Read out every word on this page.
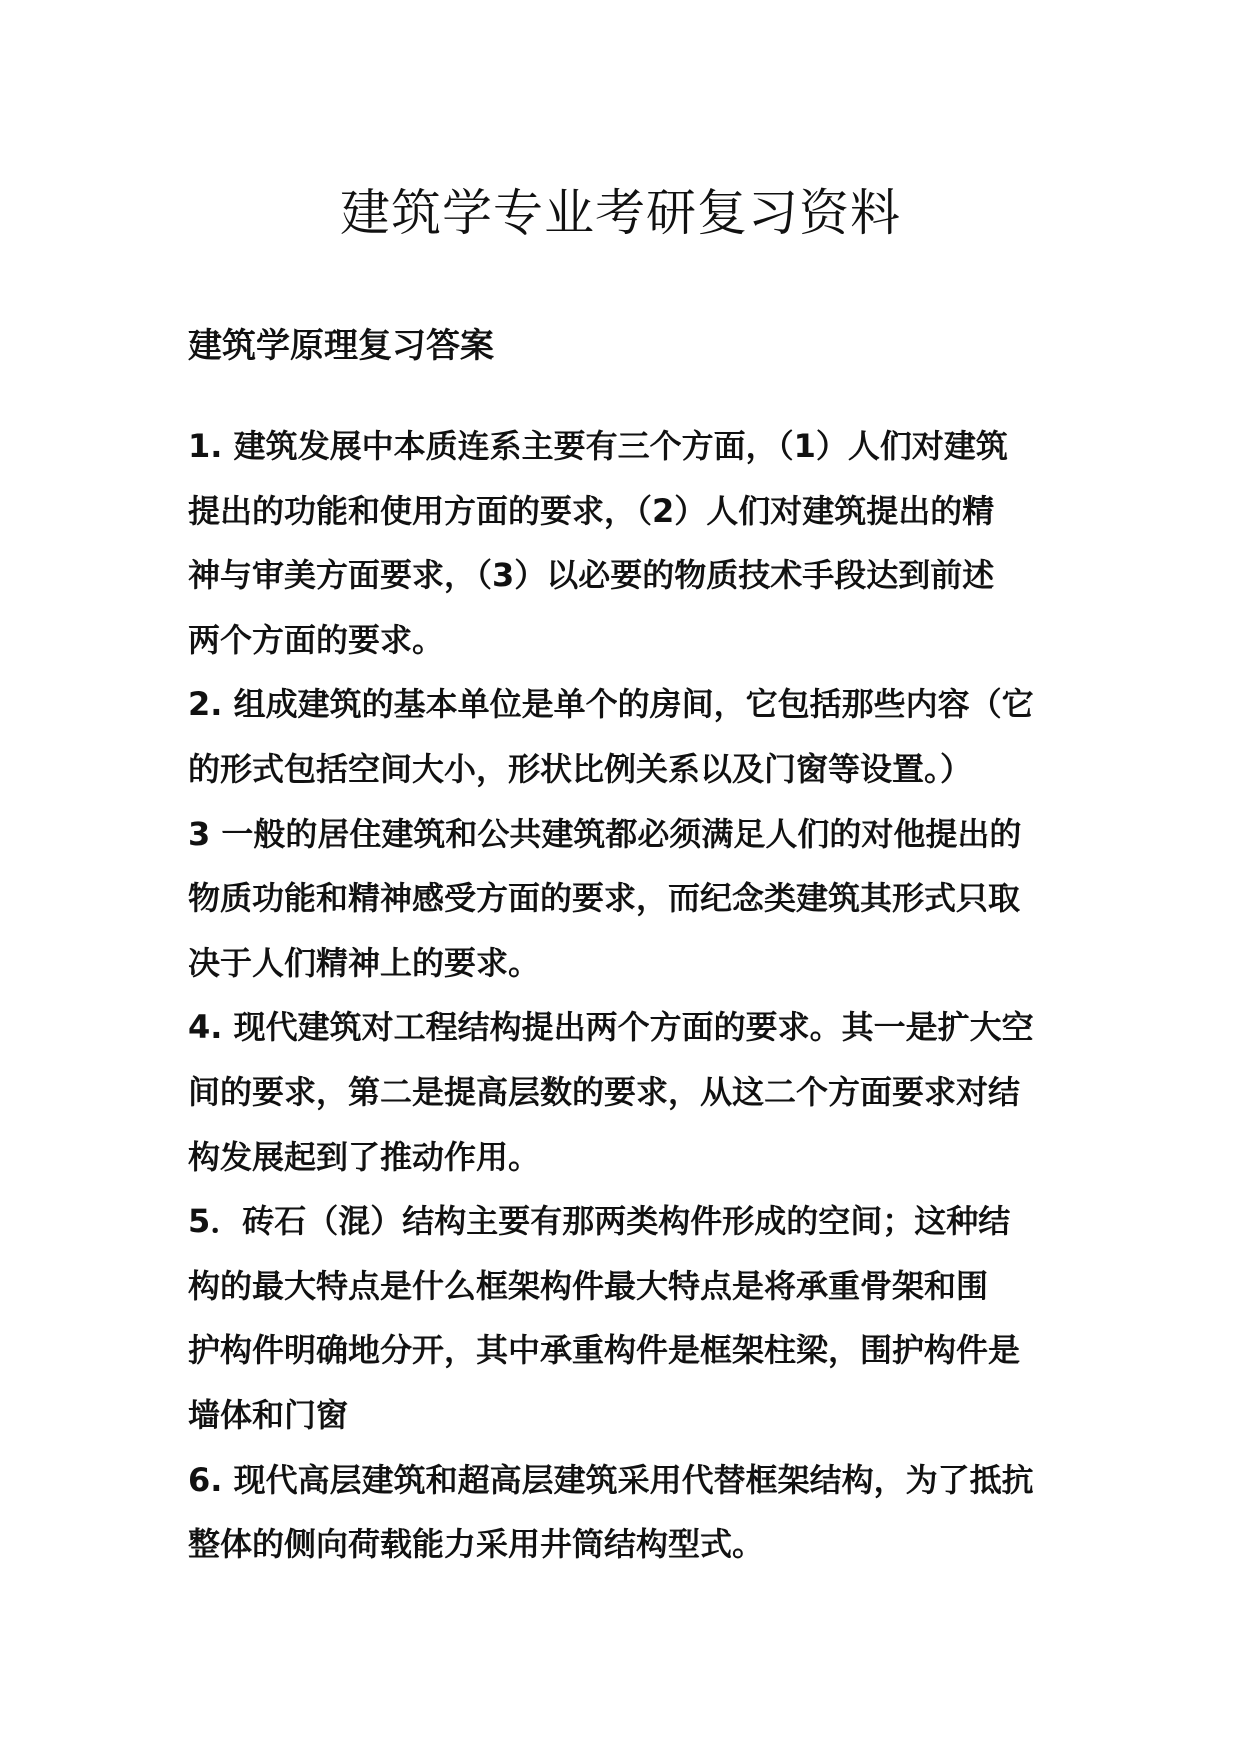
建筑学专业考研复习资料
建筑学原理复习答案
1. 建筑发展中本质连系主要有三个方面，（1）人们对建筑
提出的功能和使用方面的要求，（2）人们对建筑提出的精
神与审美方面要求，（3）以必要的物质技术手段达到前述
两个方面的要求。
2. 组成建筑的基本单位是单个的房间，它包括那些内容（它
的形式包括空间大小，形状比例关系以及门窗等设置。）
3 一般的居住建筑和公共建筑都必须满足人们的对他提出的
物质功能和精神感受方面的要求，而纪念类建筑其形式只取
决于人们精神上的要求。
4. 现代建筑对工程结构提出两个方面的要求。其一是扩大空
间的要求，第二是提高层数的要求，从这二个方面要求对结
构发展起到了推动作用。
5．砖石（混）结构主要有那两类构件形成的空间；这种结
构的最大特点是什么框架构件最大特点是将承重骨架和围
护构件明确地分开，其中承重构件是框架柱梁，围护构件是
墙体和门窗
6. 现代高层建筑和超高层建筑采用代替框架结构，为了抵抗
整体的侧向荷载能力采用井筒结构型式。
